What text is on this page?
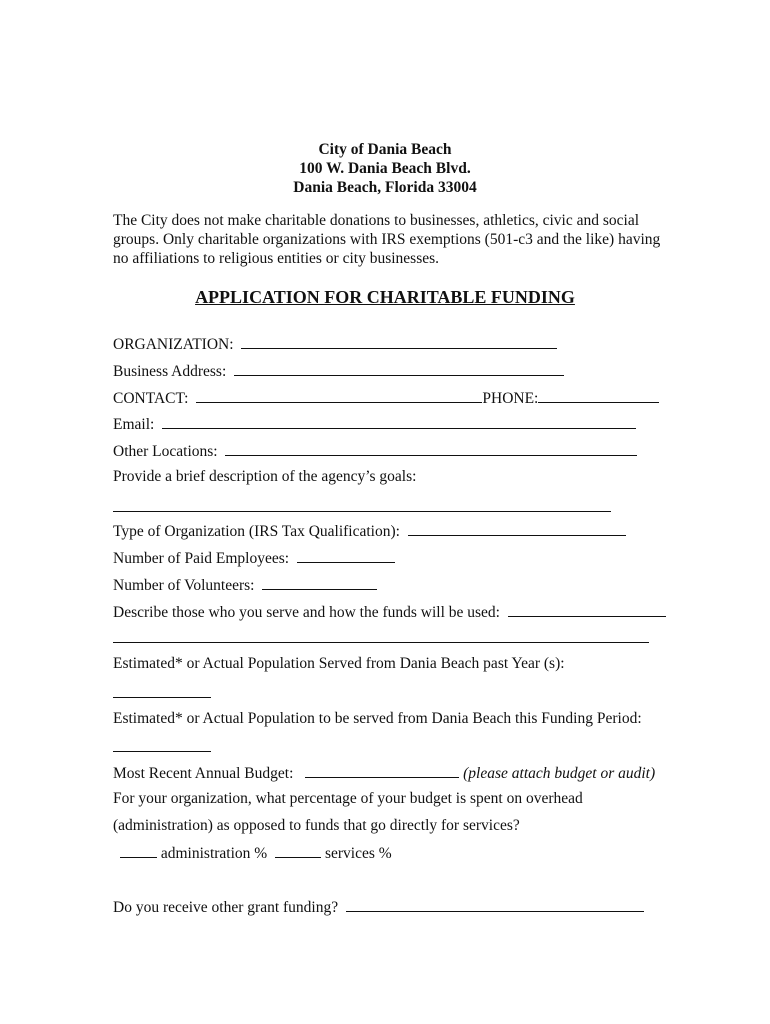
City of Dania Beach
100 W. Dania Beach Blvd.
Dania Beach, Florida 33004
The City does not make charitable donations to businesses, athletics, civic and social
groups. Only charitable organizations with IRS exemptions (501-c3 and the like) having
no affiliations to religious entities or city businesses.
APPLICATION FOR CHARITABLE FUNDING
ORGANIZATION:
Business Address:
CONTACT:	PHONE:
Email:
Other Locations:
Provide a brief description of the agency’s goals:
Type of Organization (IRS Tax Qualification):
Number of Paid Employees:
Number of Volunteers:
Describe those who you serve and how the funds will be used:
Estimated* or Actual Population Served from Dania Beach past Year (s):
Estimated* or Actual Population to be served from Dania Beach this Funding Period:
Most Recent Annual Budget:	(please attach budget or audit)
For your organization, what percentage of your budget is spent on overhead
(administration) as opposed to funds that go directly for services?
administration %	services %
Do you receive other grant funding?
